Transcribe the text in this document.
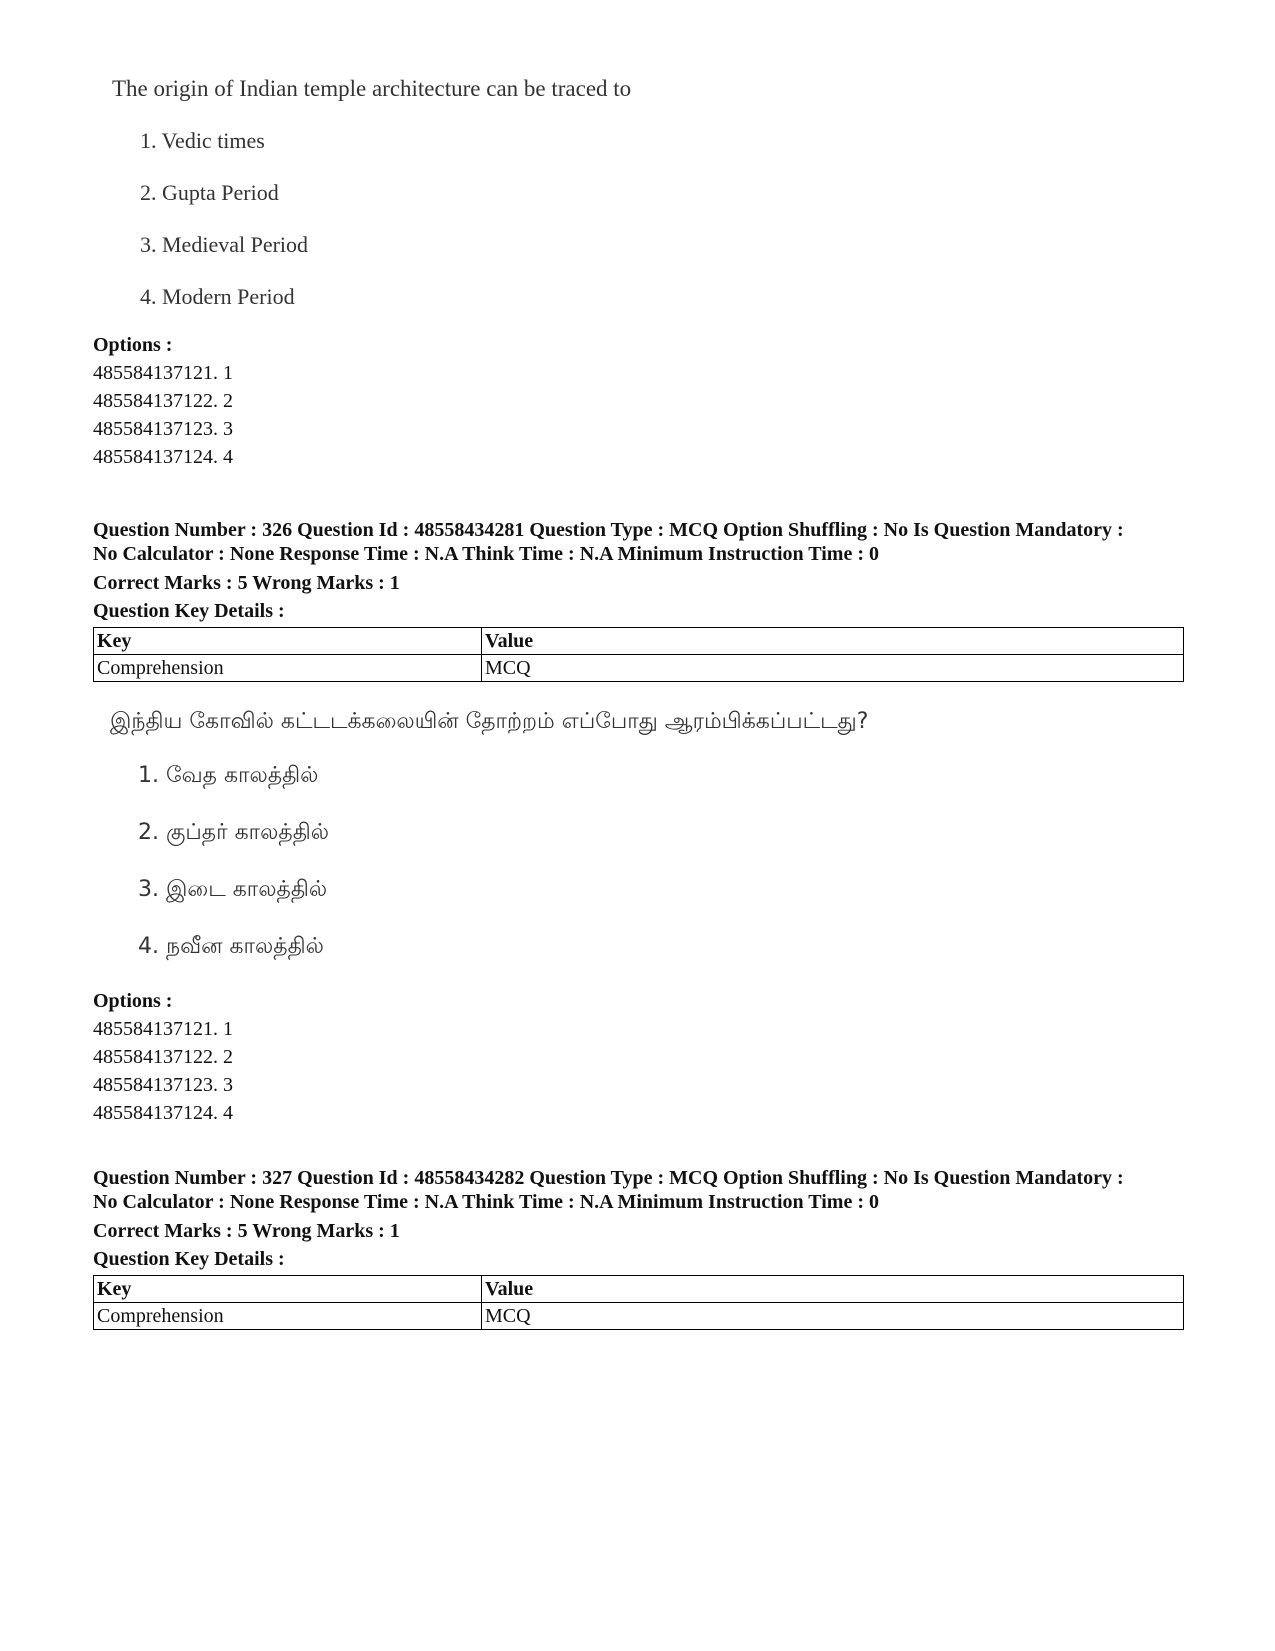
The origin of Indian temple architecture can be traced to
1. Vedic times
2. Gupta Period
3. Medieval Period
4. Modern Period
Options :
485584137121. 1
485584137122. 2
485584137123. 3
485584137124. 4
Question Number : 326 Question Id : 48558434281 Question Type : MCQ Option Shuffling : No Is Question Mandatory :
No Calculator : None Response Time : N.A Think Time : N.A Minimum Instruction Time : 0
Correct Marks : 5 Wrong Marks : 1
Question Key Details :
Key	Value
Comprehension	MCQ
இந்திய கோவில் கட்டடக்கலையின் தோற்றம் எப்போது ஆரம்பிக்கப்பட்டது?
1. வேத காலத்தில்
2. குப்தர் காலத்தில்
3. இடை காலத்தில்
4. நவீன காலத்தில்
Options :
485584137121. 1
485584137122. 2
485584137123. 3
485584137124. 4
Question Number : 327 Question Id : 48558434282 Question Type : MCQ Option Shuffling : No Is Question Mandatory :
No Calculator : None Response Time : N.A Think Time : N.A Minimum Instruction Time : 0
Correct Marks : 5 Wrong Marks : 1
Question Key Details :
Key	Value
Comprehension	MCQ
